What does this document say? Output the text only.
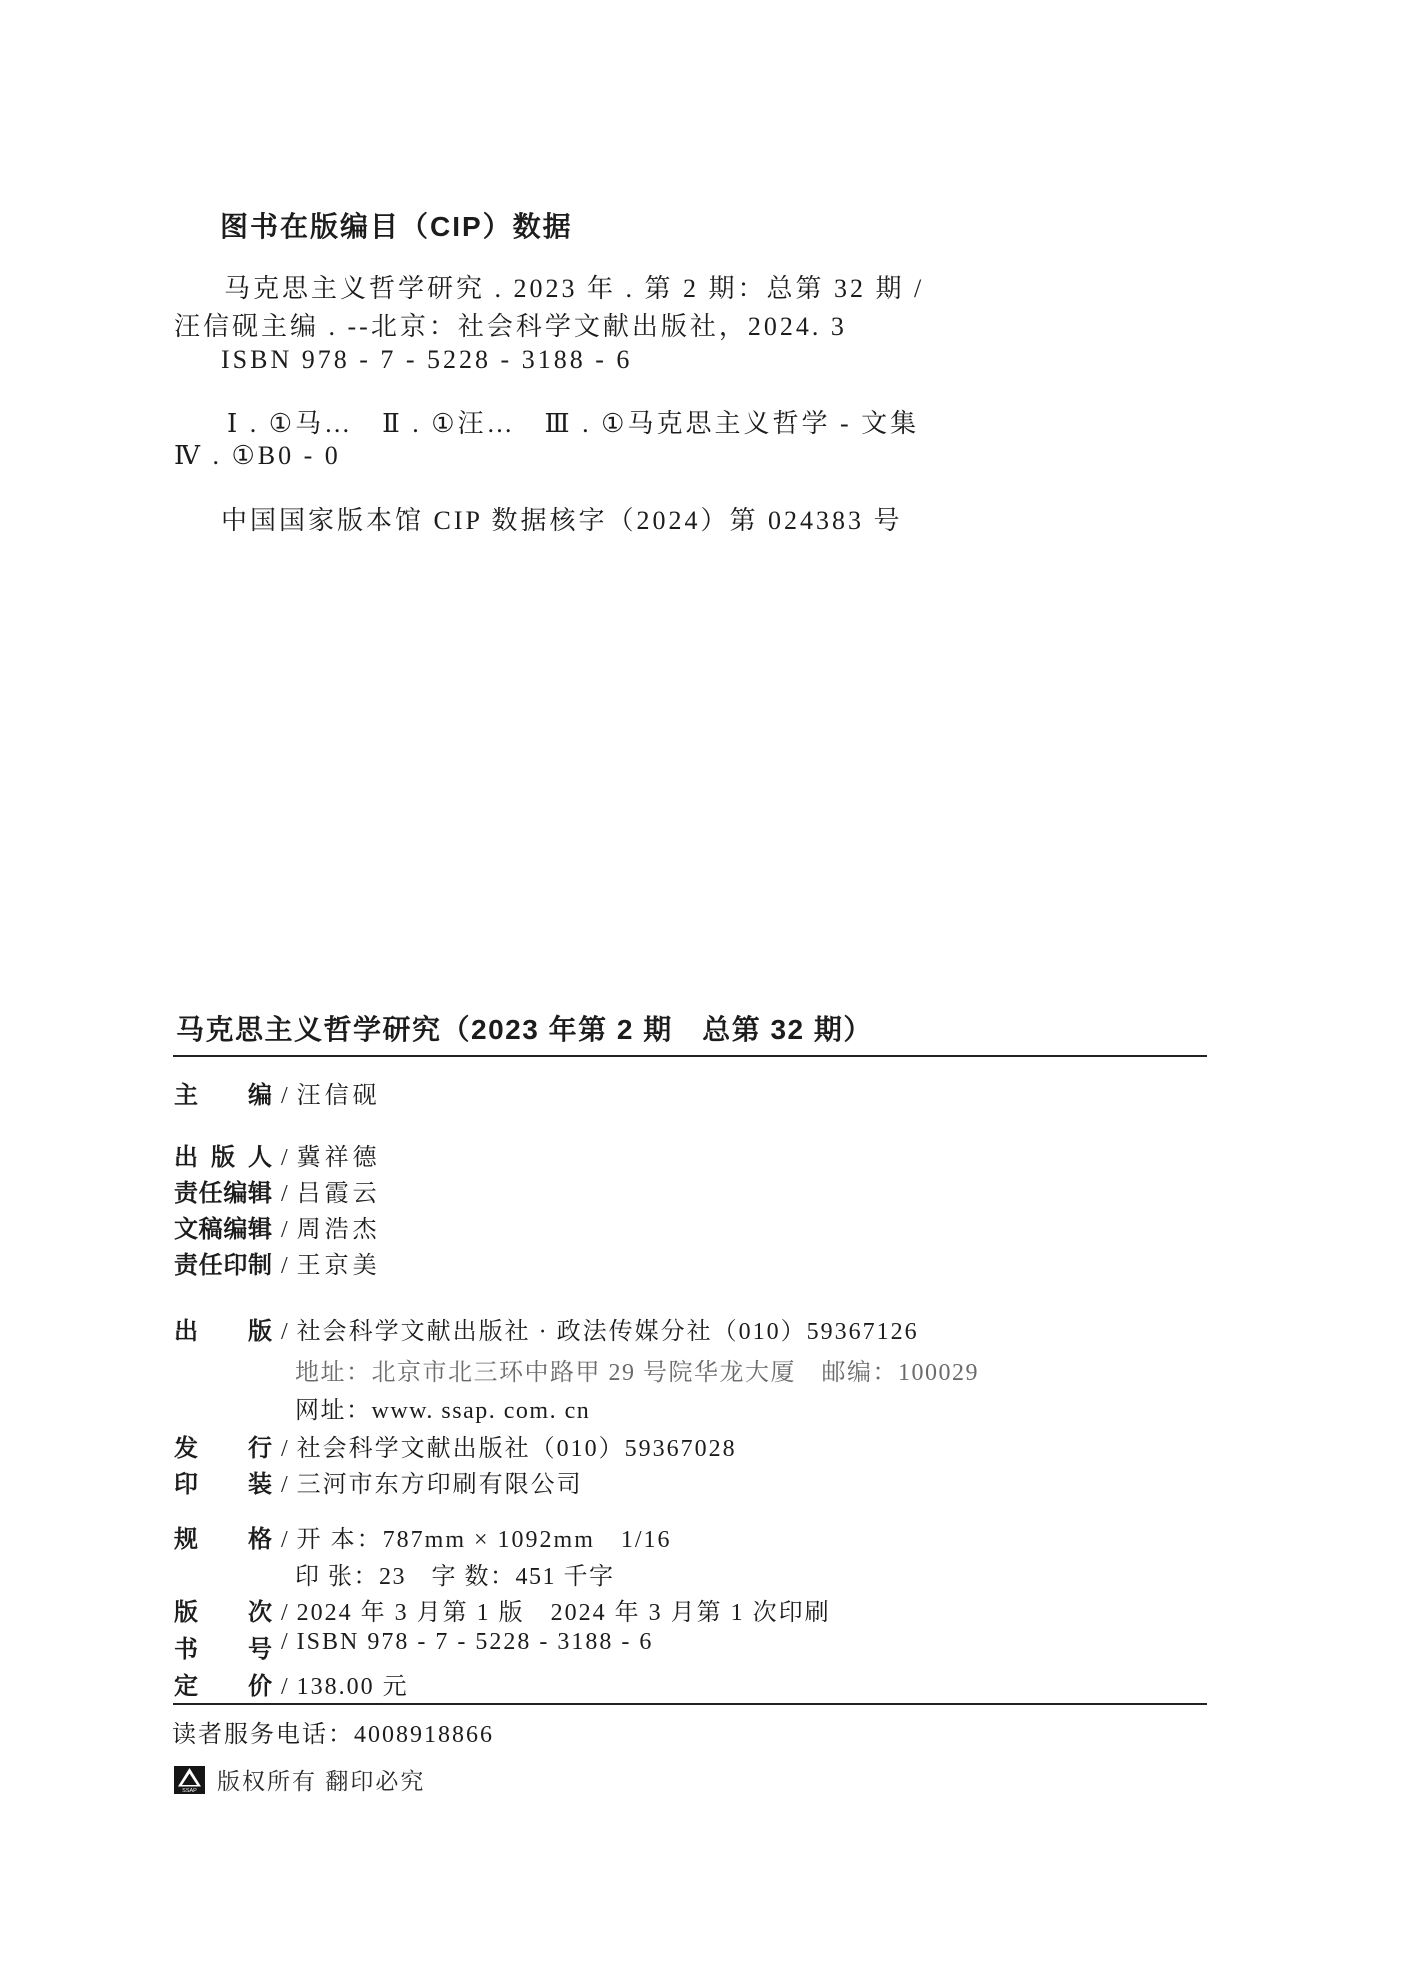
图书在版编目（CIP）数据
马克思主义哲学研究 . 2023 年 . 第 2 期：总第 32 期 /
汪信砚主编 . --北京：社会科学文献出版社，2024. 3
ISBN 978 - 7 - 5228 - 3188 - 6
Ⅰ . ①马…　Ⅱ . ①汪…　Ⅲ . ①马克思主义哲学 - 文集
Ⅳ . ①B0 - 0
中国国家版本馆 CIP 数据核字（2024）第 024383 号
马克思主义哲学研究（2023 年第 2 期　总第 32 期）
主编 / 汪信砚
出版人 / 冀祥德
责任编辑 / 吕霞云
文稿编辑 / 周浩杰
责任印制 / 王京美
出版 / 社会科学文献出版社 · 政法传媒分社（010）59367126
地址：北京市北三环中路甲 29 号院华龙大厦　邮编：100029
网址：www. ssap. com. cn
发行 / 社会科学文献出版社（010）59367028
印装 / 三河市东方印刷有限公司
规格 / 开 本：787mm × 1092mm　1/16
印 张：23　字 数：451 千字
版次 / 2024 年 3 月第 1 版　2024 年 3 月第 1 次印刷
书号 / ISBN 978 - 7 - 5228 - 3188 - 6
定价 / 138.00 元
读者服务电话：4008918866
SSAP 版权所有 翻印必究
